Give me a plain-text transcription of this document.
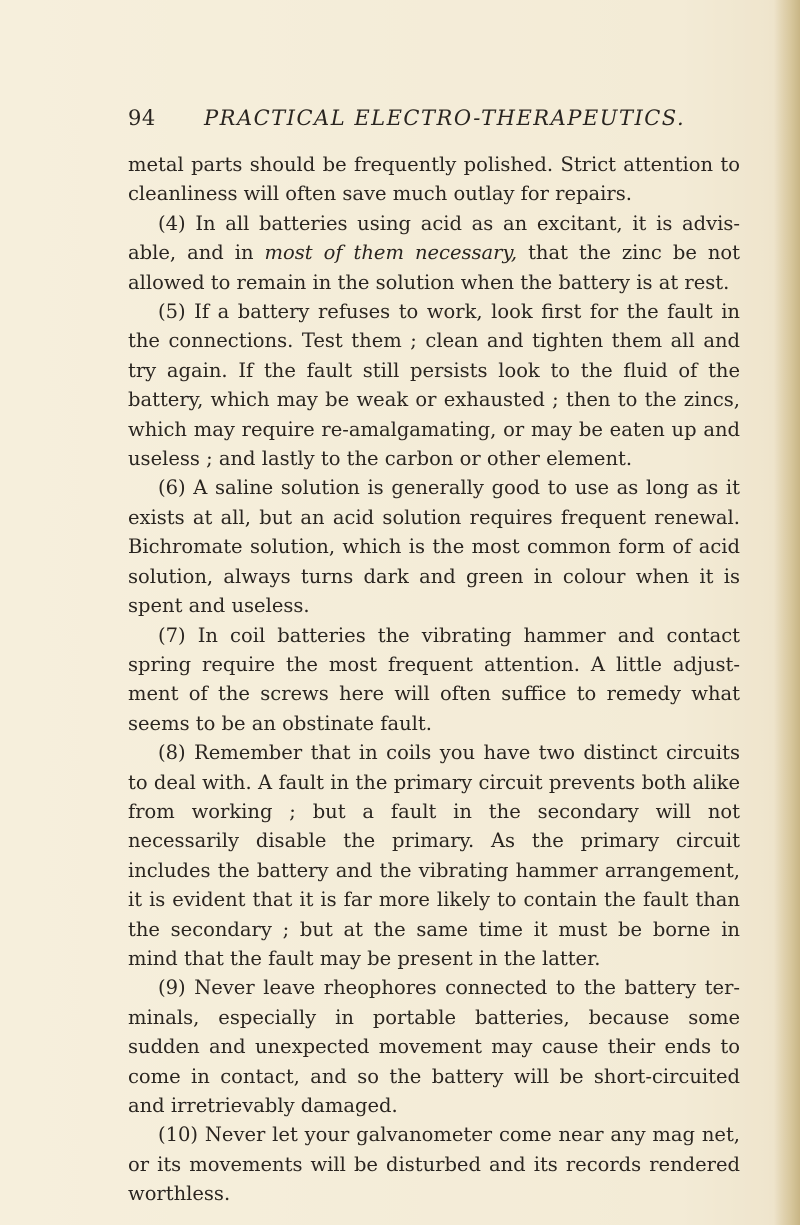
94 PRACTICAL ELECTRO-THERAPEUTICS.

metal parts should be frequently polished. Strict attention to cleanliness will often save much outlay for repairs.

(4) In all batteries using acid as an excitant, it is advisable, and in most of them necessary, that the zinc be not allowed to remain in the solution when the battery is at rest.

(5) If a battery refuses to work, look first for the fault in the connections. Test them ; clean and tighten them all and try again. If the fault still persists look to the fluid of the battery, which may be weak or exhausted ; then to the zincs, which may require re-amalgamating, or may be eaten up and useless ; and lastly to the carbon or other element.

(6) A saline solution is generally good to use as long as it exists at all, but an acid solution requires frequent renewal. Bichromate solution, which is the most common form of acid solution, always turns dark and green in colour when it is spent and useless.

(7) In coil batteries the vibrating hammer and contact spring require the most frequent attention. A little adjustment of the screws here will often suffice to remedy what seems to be an obstinate fault.

(8) Remember that in coils you have two distinct circuits to deal with. A fault in the primary circuit prevents both alike from working ; but a fault in the secondary will not necessarily disable the primary. As the primary circuit includes the battery and the vibrating hammer arrangement, it is evident that it is far more likely to contain the fault than the secondary ; but at the same time it must be borne in mind that the fault may be present in the latter.

(9) Never leave rheophores connected to the battery terminals, especially in portable batteries, because some sudden and unexpected movement may cause their ends to come in contact, and so the battery will be short-circuited and irretrievably damaged.

(10) Never let your galvanometer come near any mag net, or its movements will be disturbed and its records rendered worthless.
